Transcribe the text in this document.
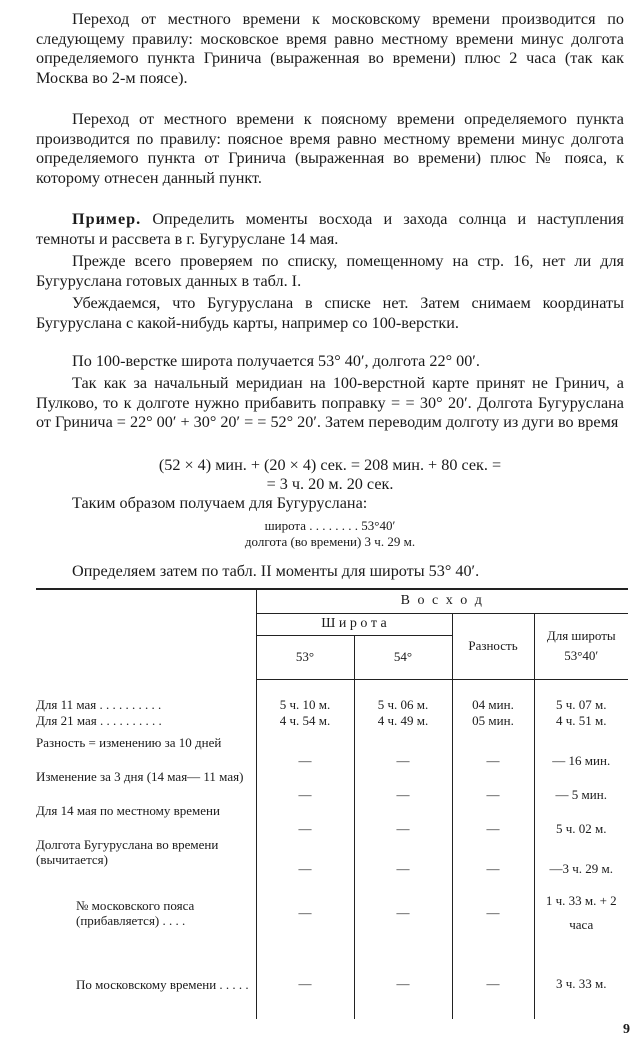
Переход от местного времени к московскому времени производится по следующему правилу: московское время равно местному времени минус долгота определяемого пункта Гринича (выраженная во времени) плюс 2 часа (так как Москва во 2-м поясе).

Переход от местного времени к поясному времени определяемого пункта производится по правилу: поясное время равно местному времени минус долгота определяемого пункта от Гринича (выраженная во времени) плюс № пояса, к которому отнесен данный пункт.

Пример. Определить моменты восхода и захода солнца и наступления темноты и рассвета в г. Бугуруслане 14 мая.

Прежде всего проверяем по списку, помещенному на стр. 16, нет ли для Бугуруслана готовых данных в табл. I.

Убеждаемся, что Бугуруслана в списке нет. Затем снимаем координаты Бугуруслана с какой-нибудь карты, например со 100-верстки.

По 100-верстке широта получается 53° 40′, долгота 22° 00′.

Так как за начальный меридиан на 100-верстной карте принят не Гринич, а Пулково, то к долготе нужно прибавить поправку = = 30° 20′. Долгота Бугуруслана от Гринича = 22° 00′ + 30° 20′ = = 52° 20′. Затем переводим долготу из дуги во время

(52 × 4) мин. + (20 × 4) сек. = 208 мин. + 80 сек. =
= 3 ч. 20 м. 20 сек.

Таким образом получаем для Бугуруслана:

широта . . . . . . . . 53°40′
долгота (во времени) 3 ч. 29 м.

Определяем затем по табл. II моменты для широты 53° 40′.

	В о с х о д			
	Ш и р о т а		Разность	Для широты 53°40′
	53°	54°		

Для 11 мая . . . . . . . . . .	5 ч. 10 м.	5 ч. 06 м.	04 мин.	5 ч. 07 м.
Для 21 мая . . . . . . . . . .	4 ч. 54 м.	4 ч. 49 м.	05 мин.	4 ч. 51 м.
Разность = изменению за 10 дней	—	—	—	— 16 мин.
Изменение за 3 дня (14 мая— 11 мая)	—	—	—	— 5 мин.
Для 14 мая по местному времени	—	—	—	5 ч. 02 м.
Долгота Бугуруслана во времени (вычитается)	—	—	—	—3 ч. 29 м.
№ московского пояса (прибавляется) . . . .	—	—	—	1 ч. 33 м. + 2 часа
По московскому времени . . . . .	—	—	—	3 ч. 33 м.
9
